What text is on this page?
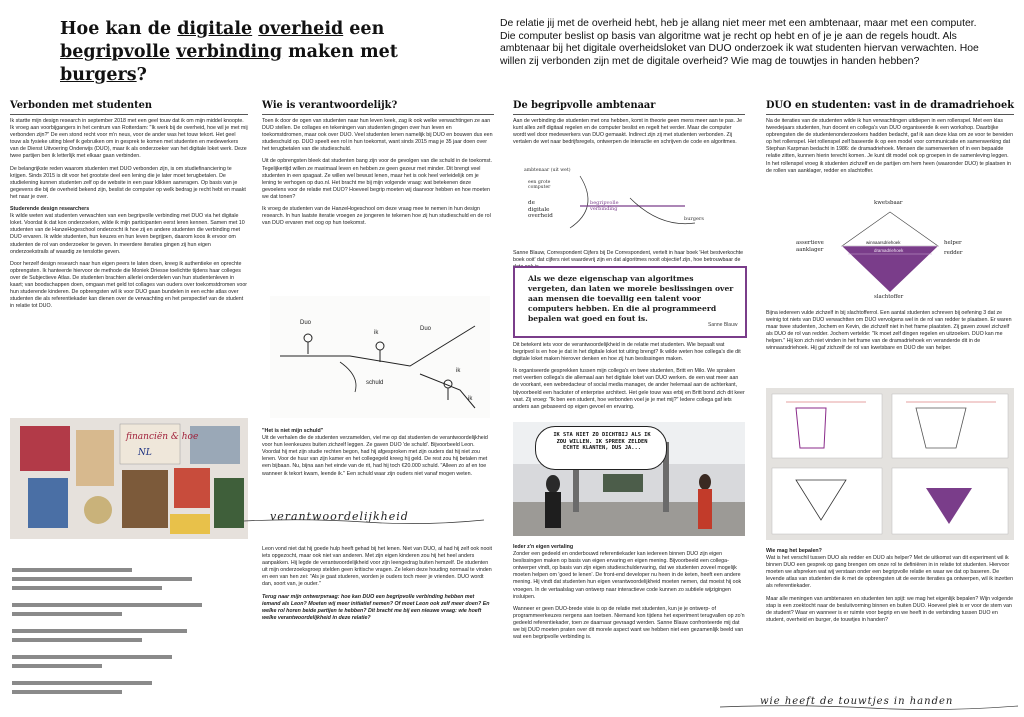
Hoe kan de digitale overheid een begripvolle verbinding maken met burgers?
De relatie jij met de overheid hebt, heb je allang niet meer met een ambtenaar, maar met een computer. Die computer beslist op basis van algoritme wat je recht op hebt en of je je aan de regels houdt. Als ambtenaar bij het digitale overheidsloket van DUO onderzoek ik wat studenten hiervan verwachten. Hoe willen zij verbonden zijn met de digitale overheid? Wie mag de touwtjes in handen hebben?
Verbonden met studenten

Ik startte mijn design research in september 2018 met een geel touw dat ik om mijn middel knoopte. Ik vroeg aan voorbijgangers in het centrum van Rotterdam: "Ik werk bij de overheid, hoe wil je met mij verbonden zijn?" De een stond recht voor m'n neus, voor de ander was het touw tekort. Het geel touw als fysieke uiting bleef ik gebruiken om in gesprek te komen met studenten en medewerkers van de Dienst Uitvoering Onderwijs (DUO), maar ik als onderzoeker van het digitale loket werk. Deze twee partijen ben ik letterlijk met elkaar gaan verbinden.

De belangrijkste reden waarom studenten met DUO verbonden zijn, is om studiefinanciering te krijgen. Sinds 2015 is dit voor het grootste deel een lening die je later moet terugbetalen. De studielening kunnen studenten zelf op de website in een paar klikken aanvragen. Op basis van je gegevens die bij de overheid bekend zijn, beslist de computer op welk bedrag je recht hebt en maakt het naar je over.

Studerende design researchers

Ik wilde weten wat studenten verwachten van een begripvolle verbinding met DUO via het digitale loket. Voordat ik dat kon onderzoeken, wilde ik mijn participanten eerst leren kennen. Samen met 10 studenten van de HanzeHogeschool onderzocht ik hoe zij en andere studenten die verbinding met DUO ervaren. Ik wilde studenten, hun keuzes en hun leven begrijpen, daarom koos ik ervoor om studenten de rol van onderzoeker te geven. In meerdere iteraties gingen zij hun eigen onderzoekstrails af waardig ze tenslotte geven.

Door herzelf design research naar hun eigen peers te laten doen, kreeg ik authentieke en oprechte opbrengsten. Ik hanteerde hiervoor de methode die Moniek Driesse toelichtte tijdens haar colleges over de Subjectieve Atlas. De studenten brachten allerlei onderdelen van hun studentenleven in kaart; van boodschappen doen, omgaan met geld tot collages van ouders over toekomstdromen voor hun studerende kinderen. De opbrengsten wil ik voor DUO gaan bundelen in een echte atlas over studenten die als referentiekader kan dienen over de verwachting en het perspectief van de student in relatie tot DUO.

financiën & hoe
NL
Wie is verantwoordelijk?

Toen ik door de ogen van studenten naar hun leven keek, zag ik ook welke verwachtingen ze aan DUO stellen. De collages en tekeningen van studenten gingen over hun leven en toekomstdromen, maar ook over DUO. Veel studenten lenen namelijk bij DUO en bouwen dus een studieschuld op. DUO speelt een rol in hun toekomst, want sinds 2015 mag je 35 jaar doen over het terugbetalen van die studieschuld.

Uit de opbrengsten bleek dat studenten bang zijn voor de gevolgen van die schuld in de toekomst. Tegelijkertijd willen ze maximaal leven en hebben ze geen gezeur met minder. Dit brengt veel studenten in een spagaat. Ze willen wel bewust lenen, maar het is ook heel verleidelijk om je lening te verhogen op duo.nl. Het bracht me bij mijn volgende vraag: wat betekenen deze gevoelens voor de relatie met DUO? Hoeveel begrip moeten wij daarvoor hebben en hoe moeten we dat tonen?

Ik vroeg de studenten van de HanzeHogeschool om deze vraag mee te nemen in hun design research. In hun laatste iteratie vroegen ze jongeren te tekenen hoe zij hun studieschuld en de rol van DUO ervaren met oog op hun toekomst.

Duo
ik
schuld
Duo
ik
ik

"Het is niet mijn schuld"

Uit de verhalen die de studenten verzamelden, viel me op dat studenten de verantwoordelijkheid voor hun leenkeuzes buiten zichzelf leggen. Ze gaven DUO 'de schuld'. Bijvoorbeeld Leon. Voordat hij met zijn studie rechten begon, had hij afgesproken met zijn ouders dat hij niet zou lenen. Voor de huur van zijn kamer en het collegegeld kreeg hij geld. De rest zou hij betalen met een bijbaan. Nu, bijna aan het einde van de rit, had hij toch €20.000 schuld. "Alleen zo af en toe wanneer ik tekort kwam, leende ik." Een schuld waar zijn ouders niet vanaf mogen weten.

verantwoordelijkheid

Leon vond niet dat hij goede hulp heeft gehad bij het lenen. Niet van DUO, al had hij zelf ook nooit iets opgezocht, maar ook niet van anderen. Met zijn eigen kinderen zou hij het heel anders aanpakken. Hij legde de verantwoordelijkheid voor zijn leengedrag buiten hemzelf. De studenten uit mijn onderzoeksgroep stelden geen kritische vragen. Ze leken deze houding normaal te vinden en een van hen zei: "Als je gaat studeren, worden je ouders toch meer je vrienden. DUO wordt dan, soort van, je ouder."

Terug naar mijn ontwerpvraag: hoe kan DUO een begripvolle verbinding hebben met iemand als Leon? Moeten wij meer initiatief nemen? Of moet Leon ook zelf meer doen? En welke rol horen beide partijen te hebben? Dit bracht me bij een nieuwe vraag: wie hoeft welke verantwoordelijkheid in deze relatie?

De begripvolle ambtenaar

Aan de verbinding die studenten met ons hebben, komt in theorie geen mens meer aan te pas. Je kunt alles zelf digitaal regelen en de computer beslist en regelt het verder. Maar die computer wordt wel door medewerkers van DUO gemaakt. Indirect zijn zij met studenten verbonden. Zij vertalen de wet naar bedrijfsregels, ontwerpen de interactie en schrijven de code en algoritmes.

ambtenaar (uit wet)
een grote computer
de digitale overheid
begripvolle verbinding
burgers

Sanne Blauw, Correspondent Cijfers bij De Correspondent, vertelt in haar boek 'Het bestverkochte boek ooit' dat cijfers niet waardevrij zijn en dat algoritmes nooit objectief zijn, hoe betrouwbaar de

Als we deze eigenschap van algoritmes vergeten, dan laten we morele beslissingen over aan mensen die toevallig een talent voor computers hebben. En die al programmeerd bepalen wat goed en fout is.
Sanne Blauw

Dit betekent iets voor de verantwoordelijkheid in de relatie met studenten. Wie bepaalt wat begripvol is en hoe je dat in het digitale loket tot uiting brengt? Ik wilde weten hoe collega's die dit digitale loket maken hierover denken en hoe zij hun beslissingen maken.

Ik organiseerde gesprekken tussen mijn collega's en twee studenten, Britt en Milo. We spraken met veertien collega's die allemaal aan het digitale loket van DUO werken. de een wat meer aan de voorkant, een webredacteur of social media manager, de ander helemaal aan de achterkant, bijvoorbeeld een hackster of enterprise architect. Het gele touw was erbij en Britt bond zich dit keer vast. Zij vroeg: "Ik ben een student, hoe verbonden voel je je met mij?" Iedere collega gaf iets anders aan gebaseerd op eigen gevoel en ervaring.

IK STA NIET ZO DICHTBIJ ALS IK ZOU WILLEN. IK SPREEK ZELDEN ECHTE KLANTEN, DUS JA...

Ieder z'n eigen vertaling

Zonder een gedeeld en onderbouwd referentiekader kan iedereen binnen DUO zijn eigen beslissingen maken op basis van eigen ervaring en eigen mening. Bijvoorbeeld een collega-ontwerper vindt, op basis van zijn eigen studieschuldervaring, dat we studenten zoveel mogelijk moeten helpen om 'goed te lenen'. De front-end developer nu heen in de keten, heeft een andere mening. Hij vindt dat studenten hun eigen verantwoordelijkheid moeten nemen, dat moeist hij ook vroegen. In de vertaalslag van ontwerp naar interactieve code kunnen zo subtiele wijzigingen insluipen.

Wanneer er geen DUO-brede visie is op de relatie met studenten, kun je je ontwerp- of programmeerkeuzes nergens aan toetsen. Niemand kon tijdens het experiment terugvallen op zo'n gedeeld referentiekader, toen ze daarnaar gevraagd werden. Sanne Blauw confronteerde mij dat we bij DUO moeten praten over dit morele aspect want we hebben niet een gezamenlijk beeld van wat een begripvolle verbinding is.

DUO en studenten: vast in de dramadriehoek

Na de iteraties van de studenten wilde ik hun verwachtingen uitdiepen in een rollenspel. Met een klas tweedejaars studenten, hun docent en collega's van DUO organiseerde ik een workshop. Daarbijke opbrengsten die de studentenonderzoekers hadden bedacht, gaf ik aan deze klas om ze voor te bereiden op het rollenspel. Het rollenspel zelf baseerde ik op een model voor communicatie en samenwerking dat Stephan Karpman bedacht in 1986: de dramadriehoek. Mensen die samenwerken of in een bepaalde relatie zitten, kunnen hierin terecht komen. Je kunt dit model ook op groepen in de samenleving leggen. In het rollenspel vroeg ik studenten zichzelf en de partijen om hem heen (waaronder DUO) te plaatsen in de rollen van aanklager, redder en slachtoffer.

kwetsbaar
assertieve aanklager
helper
redder
slachtoffer
winnaarsdriehoek
dramadriehoek

Bijna iedereen vulde zichzelf in bij slachtofferrol. Een aantal studenten schreven bij oefening 3 dat ze weinig tot niets van DUO verwachtten om DUO vervolgens wel in de rol van redder te plaatsen. Er waren maar twee studenten, Jochem en Kevin, die zichzelf niet in het frame plaatsten. Zij gaven zowel zichzelf als DUO de rol van redder. Jochem vertelde: "Ik moet zelf dingen regelen en uitzoeken. DUO kan me helpen." Hij kon zich niet vinden in het frame van de dramadriehoek en veranderde dit in de winnaarsdriehoek. Hij gaf zichzelf de rol van kwetsbare en DUO die van helper.

Wie mag het bepalen?

Wat is het verschil tussen DUO als redder en DUO als helper? Met de uitkomst van dit experiment wil ik binnen DUO een gesprek op gang brengen om onze rol te definiëren in in relatie tot studenten. Hiervoor moeten we afspreken wat wij verstaan onder een begripvolle relatie en waar we dat op baseren. De levende atlas van studenten die ik met de opbrengsten uit de eerste iteraties ga ontwerpen, wil ik inzetten als referentiekader.

Maar alle meningen van ambtenaren en studenten ten spijt: we mag het eigenlijk bepalen? Wijn volgende stap is een zoektocht naar de besluitvorming binnen en buiten DUO. Hoeveel plek is er voor de stem van de student? Waar en wanneer is er ruimte voor begrip en we heeft in de verbinding tussen DUO en student, overheid en burger, de touwtjes in handen?

wie heeft de touwtjes in handen
